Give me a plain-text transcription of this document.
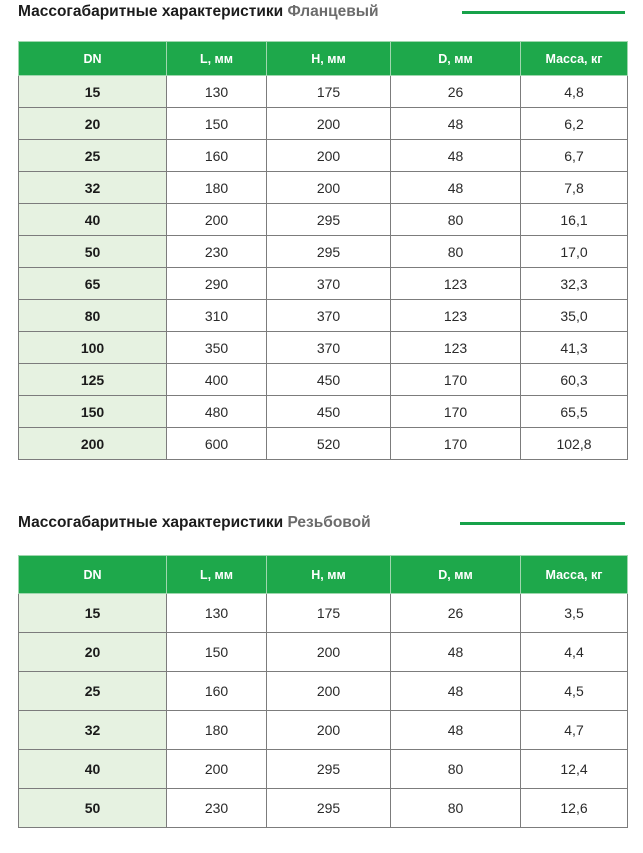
Массогабаритные характеристики Фланцевый
DN	L, мм	H, мм	D, мм	Масса, кг
15	130	175	26	4,8
20	150	200	48	6,2
25	160	200	48	6,7
32	180	200	48	7,8
40	200	295	80	16,1
50	230	295	80	17,0
65	290	370	123	32,3
80	310	370	123	35,0
100	350	370	123	41,3
125	400	450	170	60,3
150	480	450	170	65,5
200	600	520	170	102,8
Массогабаритные характеристики Резьбовой
DN	L, мм	H, мм	D, мм	Масса, кг
15	130	175	26	3,5
20	150	200	48	4,4
25	160	200	48	4,5
32	180	200	48	4,7
40	200	295	80	12,4
50	230	295	80	12,6
